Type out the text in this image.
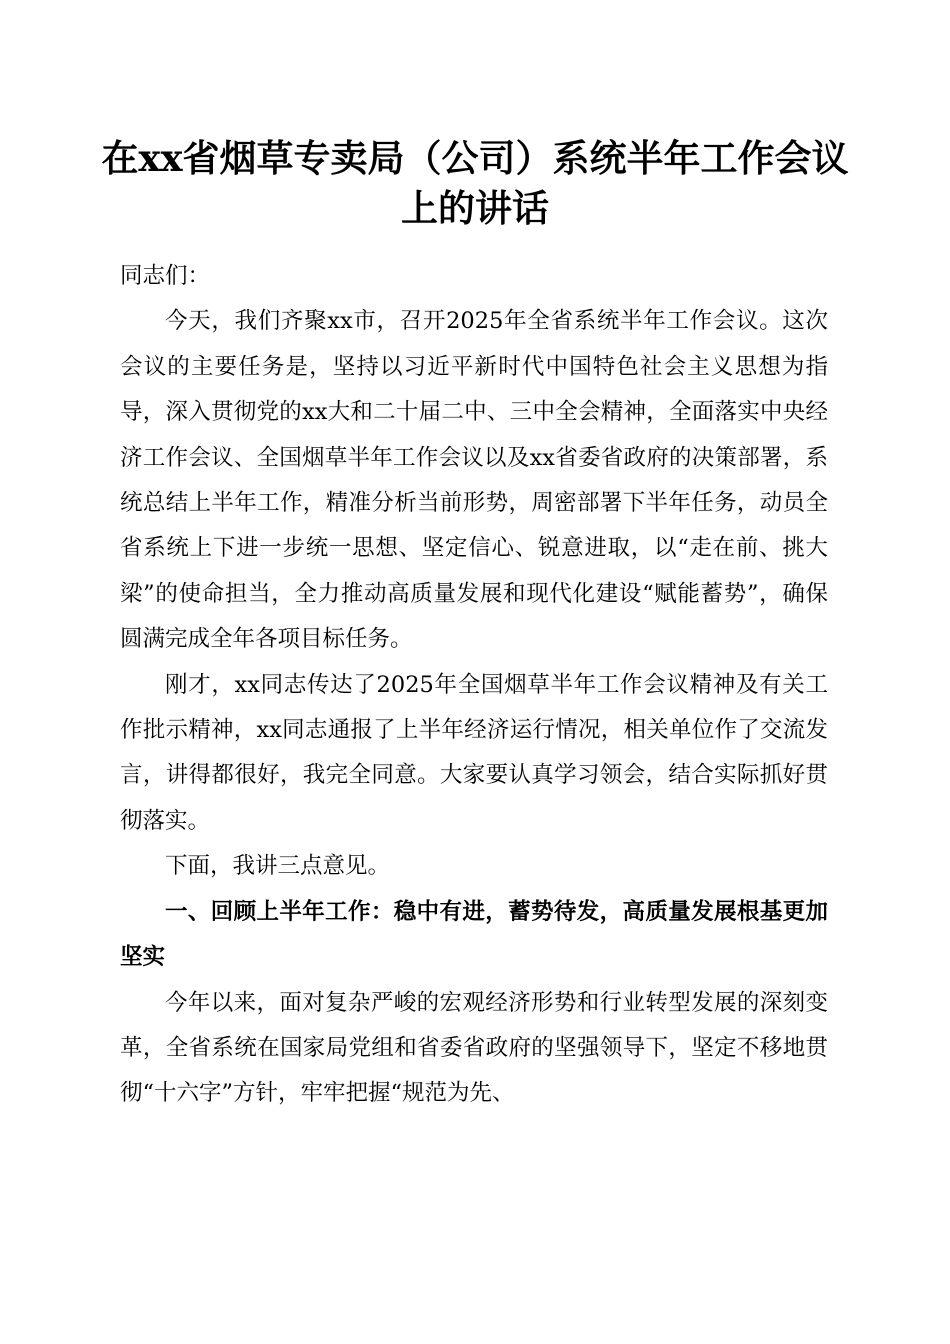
在xx省烟草专卖局（公司）系统半年工作会议上的讲话

同志们：

今天，我们齐聚xx市，召开2025年全省系统半年工作会议。这次会议的主要任务是，坚持以习近平新时代中国特色社会主义思想为指导，深入贯彻党的xx大和二十届二中、三中全会精神，全面落实中央经济工作会议、全国烟草半年工作会议以及xx省委省政府的决策部署，系统总结上半年工作，精准分析当前形势，周密部署下半年任务，动员全省系统上下进一步统一思想、坚定信心、锐意进取，以“走在前、挑大梁”的使命担当，全力推动高质量发展和现代化建设“赋能蓄势”，确保圆满完成全年各项目标任务。

刚才，xx同志传达了2025年全国烟草半年工作会议精神及有关工作批示精神，xx同志通报了上半年经济运行情况，相关单位作了交流发言，讲得都很好，我完全同意。大家要认真学习领会，结合实际抓好贯彻落实。

下面，我讲三点意见。

一、回顾上半年工作：稳中有进，蓄势待发，高质量发展根基更加坚实

今年以来，面对复杂严峻的宏观经济形势和行业转型发展的深刻变革，全省系统在国家局党组和省委省政府的坚强领导下，坚定不移地贯彻“十六字”方针，牢牢把握“规范为先、
